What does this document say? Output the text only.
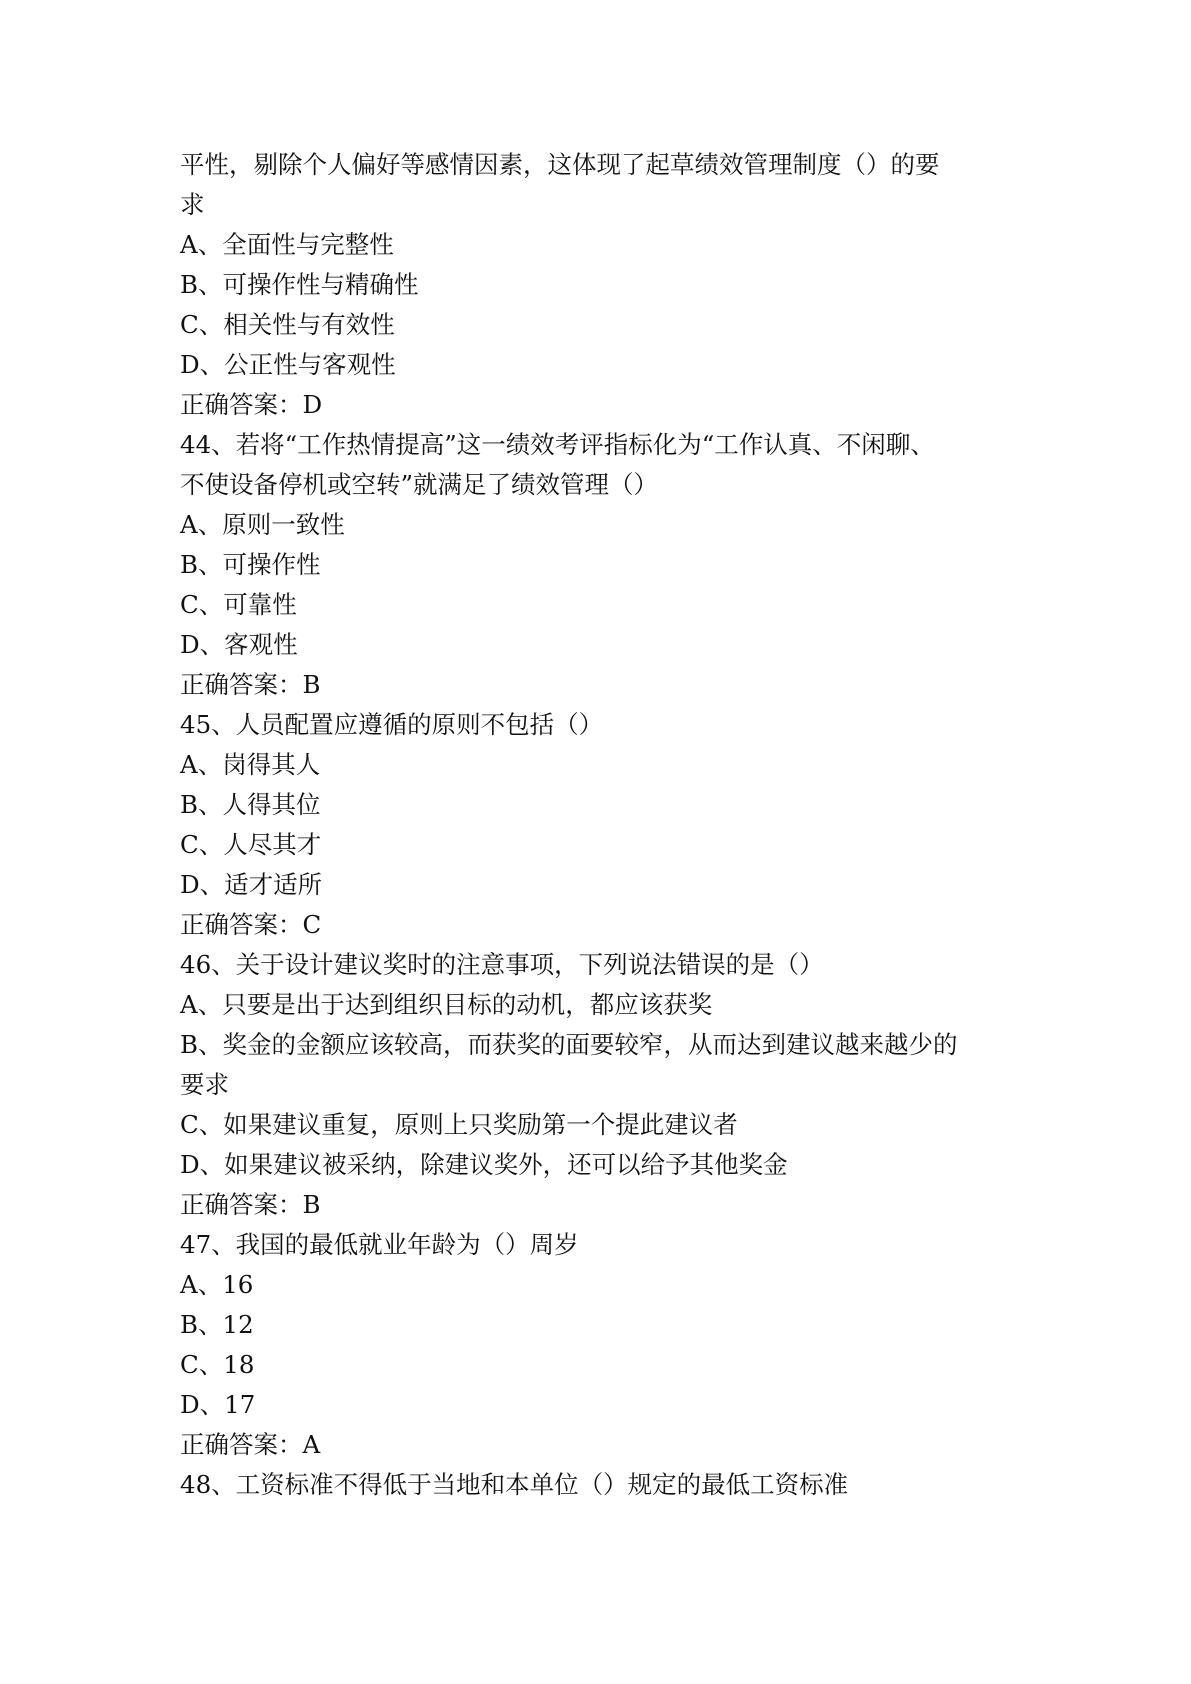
平性，剔除个人偏好等感情因素，这体现了起草绩效管理制度（）的要
求
A、全面性与完整性
B、可操作性与精确性
C、相关性与有效性
D、公正性与客观性
正确答案：D
44、若将“工作热情提高”这一绩效考评指标化为“工作认真、不闲聊、
不使设备停机或空转”就满足了绩效管理（）
A、原则一致性
B、可操作性
C、可靠性
D、客观性
正确答案：B
45、人员配置应遵循的原则不包括（）
A、岗得其人
B、人得其位
C、人尽其才
D、适才适所
正确答案：C
46、关于设计建议奖时的注意事项，下列说法错误的是（）
A、只要是出于达到组织目标的动机，都应该获奖
B、奖金的金额应该较高，而获奖的面要较窄，从而达到建议越来越少的
要求
C、如果建议重复，原则上只奖励第一个提此建议者
D、如果建议被采纳，除建议奖外，还可以给予其他奖金
正确答案：B
47、我国的最低就业年龄为（）周岁
A、16
B、12
C、18
D、17
正确答案：A
48、工资标准不得低于当地和本单位（）规定的最低工资标准
